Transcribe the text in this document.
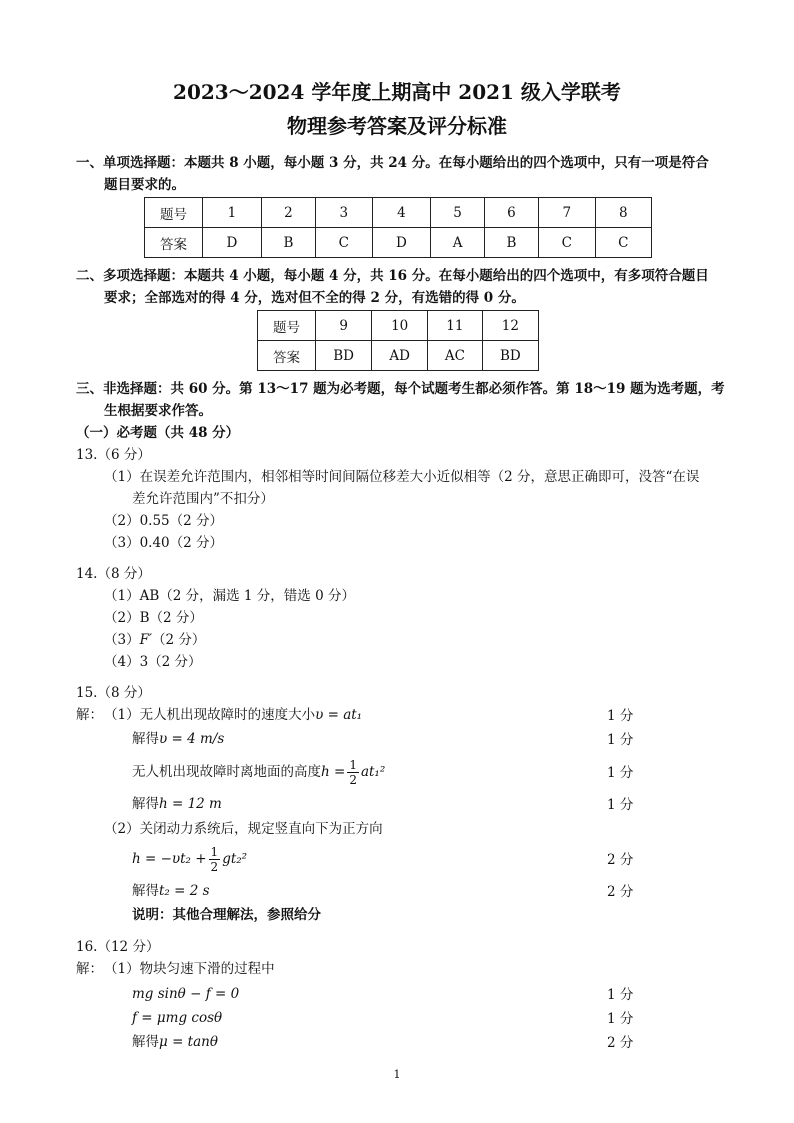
2023～2024 学年度上期高中 2021 级入学联考
物理参考答案及评分标准
一、单项选择题：本题共 8 小题，每小题 3 分，共 24 分。在每小题给出的四个选项中，只有一项是符合
题目要求的。
题号	1	2	3	4	5	6	7	8
答案	D	B	C	D	A	B	C	C
二、多项选择题：本题共 4 小题，每小题 4 分，共 16 分。在每小题给出的四个选项中，有多项符合题目
要求；全部选对的得 4 分，选对但不全的得 2 分，有选错的得 0 分。
题号	9	10	11	12
答案	BD	AD	AC	BD
三、非选择题：共 60 分。第 13～17 题为必考题，每个试题考生都必须作答。第 18～19 题为选考题，考
生根据要求作答。
（一）必考题（共 48 分）
13.（6 分）
（1）在误差允许范围内，相邻相等时间间隔位移差大小近似相等（2 分，意思正确即可，没答“在误
差允许范围内”不扣分）
（2）0.55（2 分）
（3）0.40（2 分）
14.（8 分）
（1）AB（2 分，漏选 1 分，错选 0 分）
（2）B（2 分）
（3）F′（2 分）
（4）3（2 分）
15.（8 分）
解： （1）无人机出现故障时的速度大小υ = at₁	1 分
解得υ = 4 m/s	1 分
无人机出现故障时离地面的高度$h = \frac{1}{2} at_1^2$	1 分
解得h = 12 m	1 分
（2）关闭动力系统后，规定竖直向下为正方向
$h = -\upsilon t_2 + \frac{1}{2} gt_2^2$	2 分
解得t₂ = 2 s	2 分
说明：其他合理解法，参照给分
16.（12 分）
解： （1）物块匀速下滑的过程中
mg sinθ − f = 0	1 分
f = μmg cosθ	1 分
解得μ = tanθ	2 分
1
